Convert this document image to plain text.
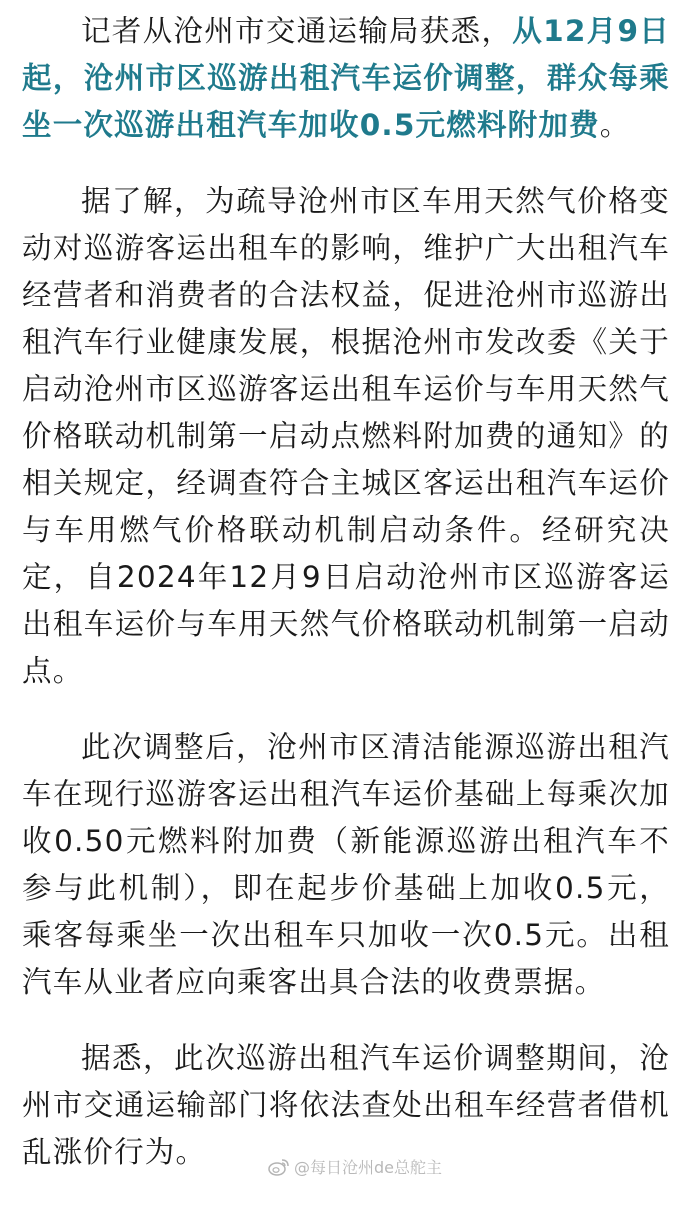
记者从沧州市交通运输局获悉，从12月9日起，沧州市区巡游出租汽车运价调整，群众每乘坐一次巡游出租汽车加收0.5元燃料附加费。

据了解，为疏导沧州市区车用天然气价格变动对巡游客运出租车的影响，维护广大出租汽车经营者和消费者的合法权益，促进沧州市巡游出租汽车行业健康发展，根据沧州市发改委《关于启动沧州市区巡游客运出租车运价与车用天然气价格联动机制第一启动点燃料附加费的通知》的相关规定，经调查符合主城区客运出租汽车运价与车用燃气价格联动机制启动条件。经研究决定，自2024年12月9日启动沧州市区巡游客运出租车运价与车用天然气价格联动机制第一启动点。

此次调整后，沧州市区清洁能源巡游出租汽车在现行巡游客运出租汽车运价基础上每乘次加收0.50元燃料附加费（新能源巡游出租汽车不参与此机制），即在起步价基础上加收0.5元，乘客每乘坐一次出租车只加收一次0.5元。出租汽车从业者应向乘客出具合法的收费票据。

据悉，此次巡游出租汽车运价调整期间，沧州市交通运输部门将依法查处出租车经营者借机乱涨价行为。	@每日沧州de总舵主
